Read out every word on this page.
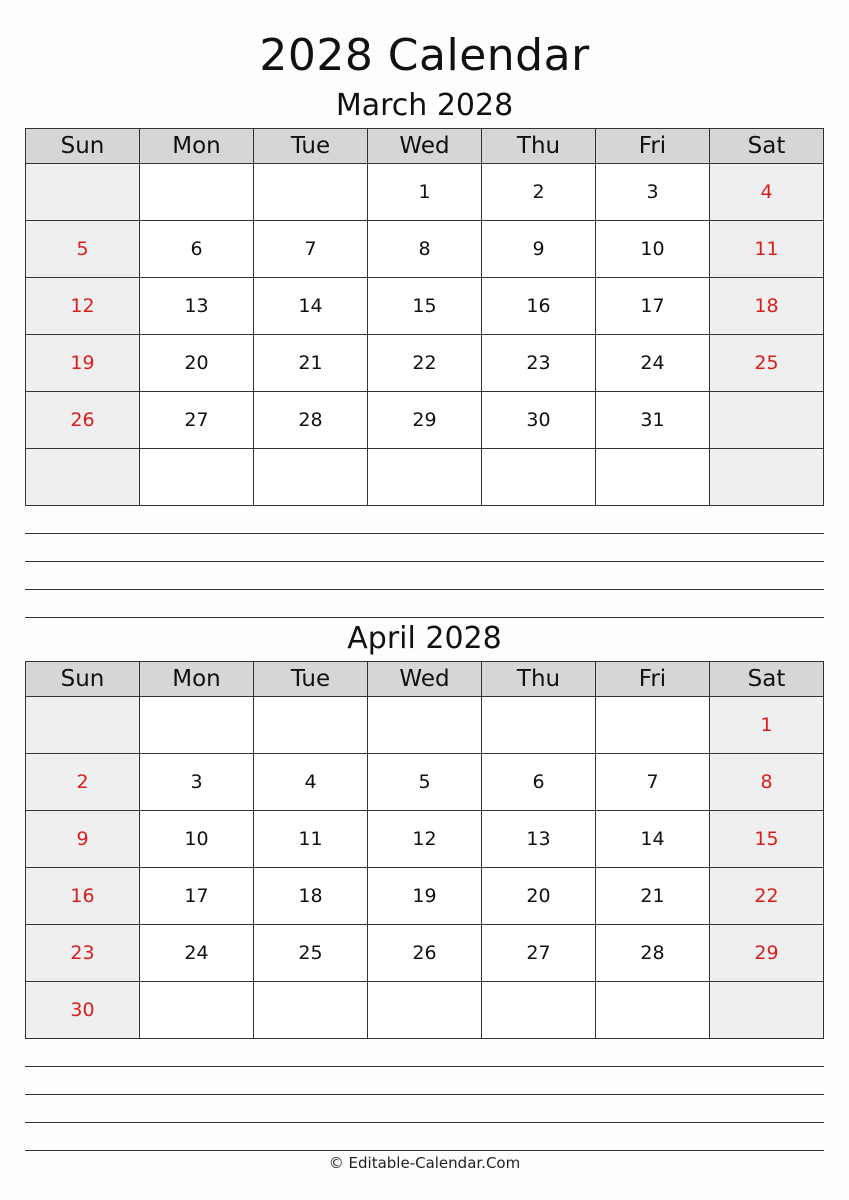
2028 Calendar
March 2028
Sun	Mon	Tue	Wed	Thu	Fri	Sat
			1	2	3	4
5	6	7	8	9	10	11
12	13	14	15	16	17	18
19	20	21	22	23	24	25
26	27	28	29	30	31	

April 2028
Sun	Mon	Tue	Wed	Thu	Fri	Sat
						1
2	3	4	5	6	7	8
9	10	11	12	13	14	15
16	17	18	19	20	21	22
23	24	25	26	27	28	29
30						
© Editable-Calendar.Com
